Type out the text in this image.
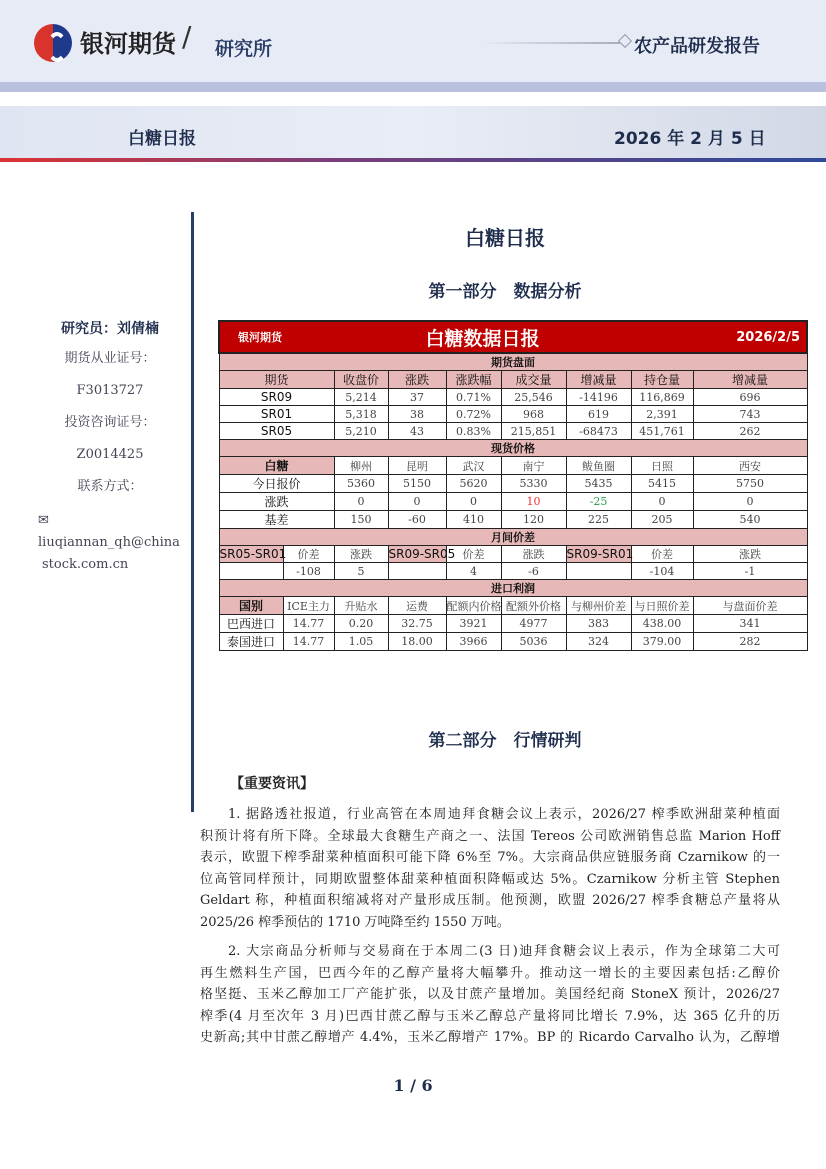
银河期货 / 研究所	农产品研发报告
白糖日报	2026 年 2 月 5 日
研究员：刘倩楠
期货从业证号：
F3013727
投资咨询证号：
Z0014425
联系方式：
✉liuqiannan_qh@china
stock.com.cn
白糖日报
第一部分　数据分析
银河期货		白糖数据日报					2026/2/5	
期货盘面								
期货		收盘价	涨跌	涨跌幅	成交量	增减量	持仓量	增减量
SR09		5,214	37	0.71%	25,546	-14196	116,869	696
SR01		5,318	38	0.72%	968	619	2,391	743
SR05		5,210	43	0.83%	215,851	-68473	451,761	262
现货价格								
白糖		柳州	昆明	武汉	南宁	鲅鱼圈	日照	西安
今日报价		5360	5150	5620	5330	5435	5415	5750
涨跌		0	0	0	10	-25	0	0
基差		150	-60	410	120	225	205	540
月间价差								
SR05-SR01	价差	涨跌	SR09-SR05	价差	涨跌	SR09-SR01	价差	涨跌
	-108	5		4	-6		-104	-1
进口利润								
国别	ICE主力	升贴水	运费	配额内价格	配额外价格	与柳州价差	与日照价差	与盘面价差
巴西进口	14.77	0.20	32.75	3921	4977	383	438.00	341
泰国进口	14.77	1.05	18.00	3966	5036	324	379.00	282
第二部分　行情研判
【重要资讯】
1. 据路透社报道，行业高管在本周迪拜食糖会议上表示，2026/27 榨季欧洲甜菜种植面
积预计将有所下降。全球最大食糖生产商之一、法国 Tereos 公司欧洲销售总监 Marion Hoff
表示，欧盟下榨季甜菜种植面积可能下降 6%至 7%。大宗商品供应链服务商 Czarnikow 的一
位高管同样预计，同期欧盟整体甜菜种植面积降幅或达 5%。Czarnikow 分析主管 Stephen
Geldart 称，种植面积缩减将对产量形成压制。他预测，欧盟 2026/27 榨季食糖总产量将从
2025/26 榨季预估的 1710 万吨降至约 1550 万吨。
2. 大宗商品分析师与交易商在于本周二(3 日)迪拜食糖会议上表示，作为全球第二大可
再生燃料生产国，巴西今年的乙醇产量将大幅攀升。推动这一增长的主要因素包括:乙醇价
格坚挺、玉米乙醇加工厂产能扩张，以及甘蔗产量增加。美国经纪商 StoneX 预计，2026/27
榨季(4 月至次年 3 月)巴西甘蔗乙醇与玉米乙醇总产量将同比增长 7.9%，达 365 亿升的历
史新高;其中甘蔗乙醇增产 4.4%，玉米乙醇增产 17%。BP 的 Ricardo Carvalho 认为，乙醇增
1 / 6
